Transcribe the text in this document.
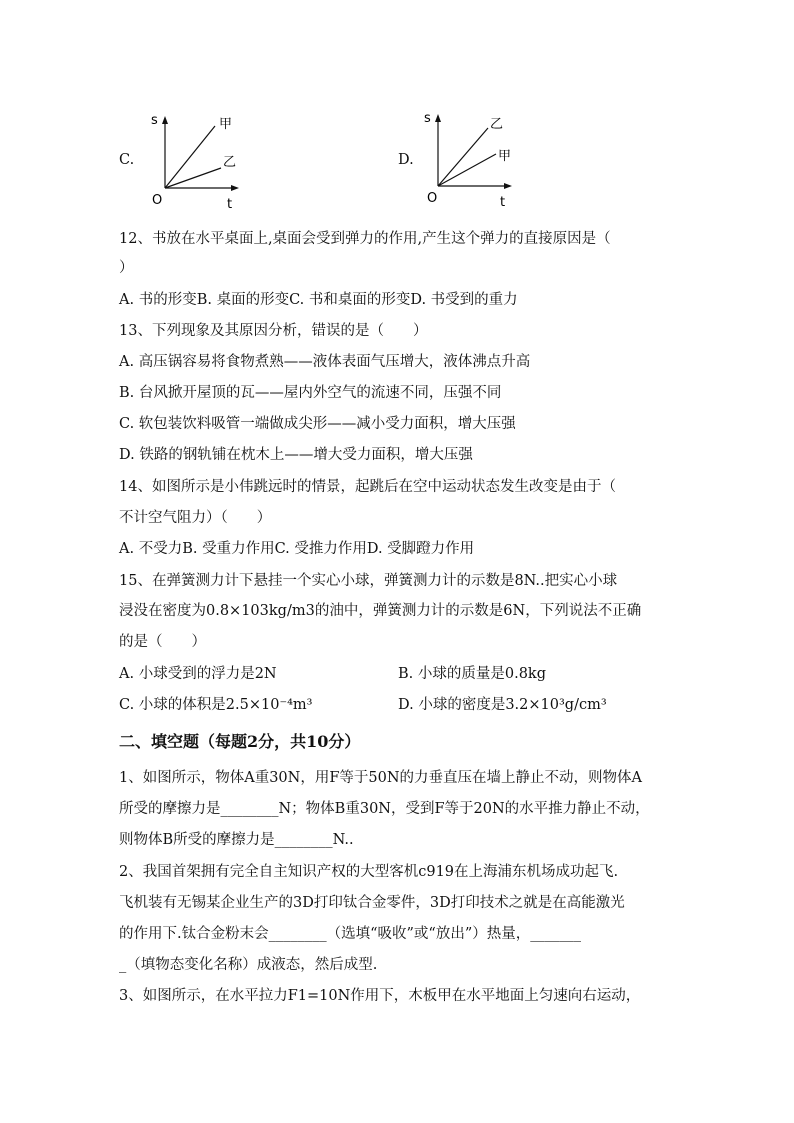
C.
s
t
O
甲
乙	D.
s
t
O
乙
甲
12、书放在水平桌面上,桌面会受到弹力的作用,产生这个弹力的直接原因是（
）
A. 书的形变B. 桌面的形变C. 书和桌面的形变D. 书受到的重力
13、下列现象及其原因分析，错误的是（　　）
A. 高压锅容易将食物煮熟——液体表面气压增大，液体沸点升高
B. 台风掀开屋顶的瓦——屋内外空气的流速不同，压强不同
C. 软包装饮料吸管一端做成尖形——减小受力面积，增大压强
D. 铁路的钢轨铺在枕木上——增大受力面积，增大压强
14、如图所示是小伟跳远时的情景，起跳后在空中运动状态发生改变是由于（
不计空气阻力）（　　）
A. 不受力B. 受重力作用C. 受推力作用D. 受脚蹬力作用
15、在弹簧测力计下悬挂一个实心小球，弹簧测力计的示数是8N..把实心小球
浸没在密度为0.8×103kg/m3的油中，弹簧测力计的示数是6N，下列说法不正确
的是（　　）
A. 小球受到的浮力是2N	B. 小球的质量是0.8kg
C. 小球的体积是2.5×10⁻⁴m³	D. 小球的密度是3.2×10³g/cm³
二、填空题（每题2分，共10分）
1、如图所示，物体A重30N，用F等于50N的力垂直压在墙上静止不动，则物体A
所受的摩擦力是________N；物体B重30N，受到F等于20N的水平推力静止不动，
则物体B所受的摩擦力是________N..
2、我国首架拥有完全自主知识产权的大型客机c919在上海浦东机场成功起飞.
飞机装有无锡某企业生产的3D打印钛合金零件，3D打印技术之就是在高能激光
的作用下.钛合金粉末会________（选填“吸收”或“放出”）热量，_______
_（填物态变化名称）成液态，然后成型.
3、如图所示，在水平拉力F1=10N作用下，木板甲在水平地面上匀速向右运动，
